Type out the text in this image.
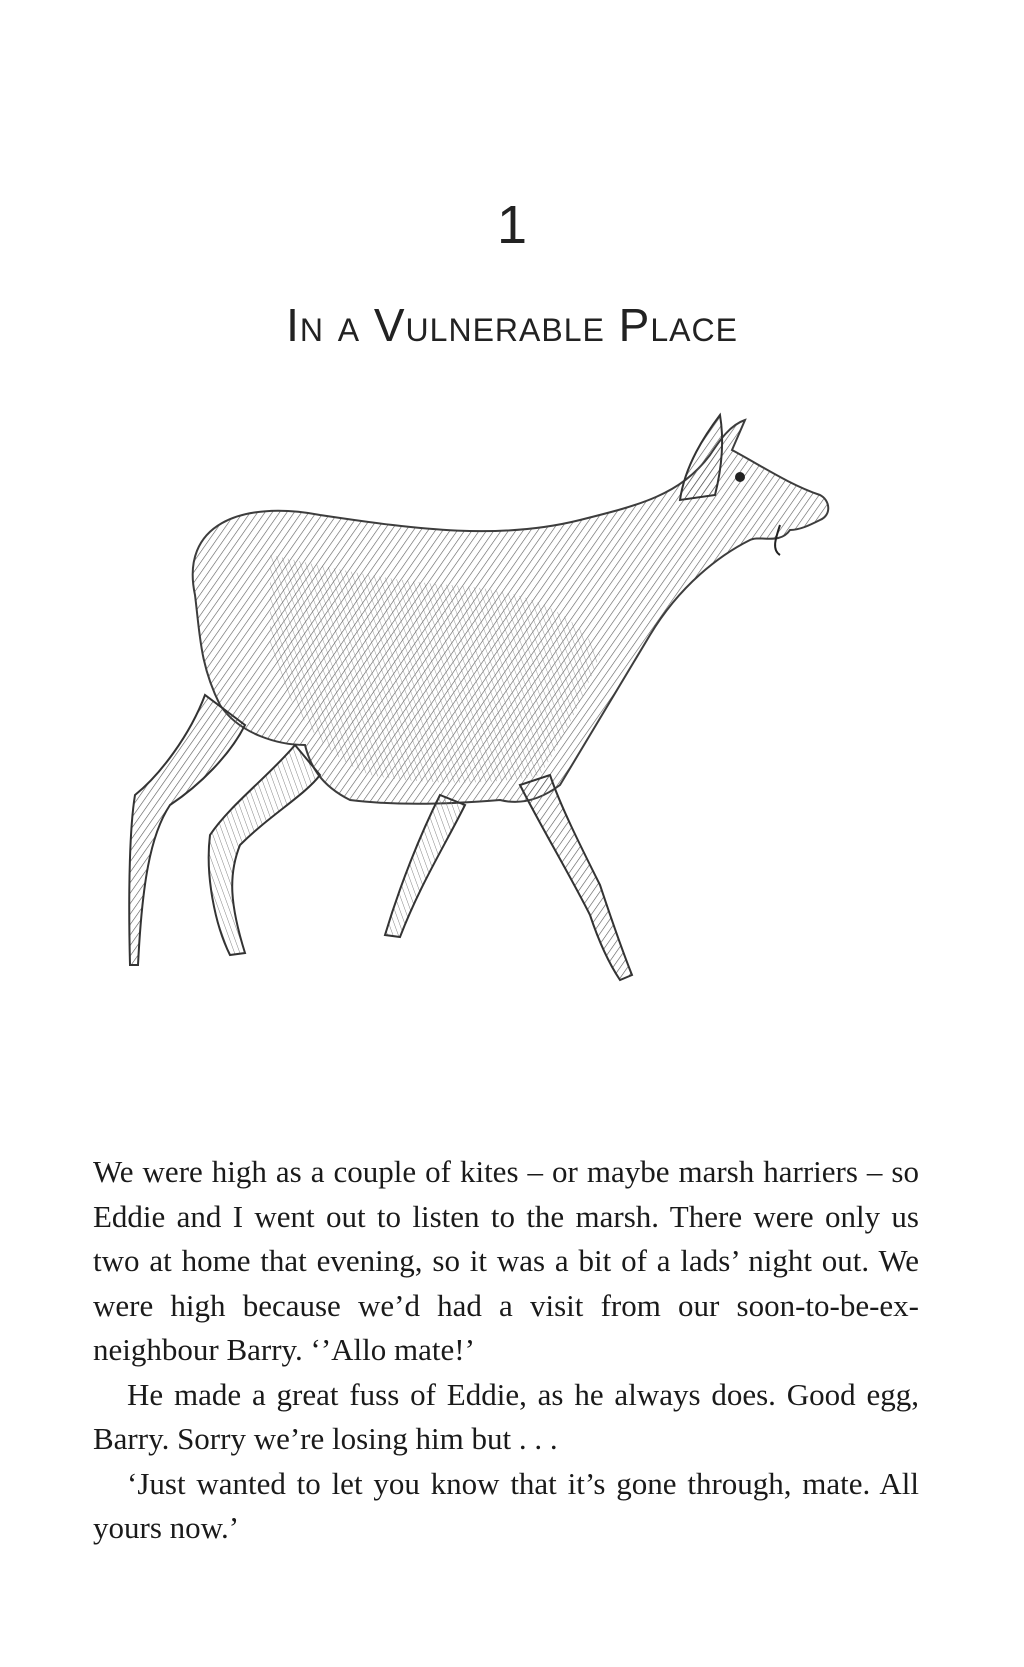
1
In a Vulnerable Place

We were high as a couple of kites – or maybe marsh harriers – so Eddie and I went out to listen to the marsh. There were only us two at home that evening, so it was a bit of a lads’ night out. We were high because we’d had a visit from our soon-to-be-ex-neighbour Barry. ‘’Allo mate!’

He made a great fuss of Eddie, as he always does. Good egg, Barry. Sorry we’re losing him but . . .

‘Just wanted to let you know that it’s gone through, mate. All yours now.’
